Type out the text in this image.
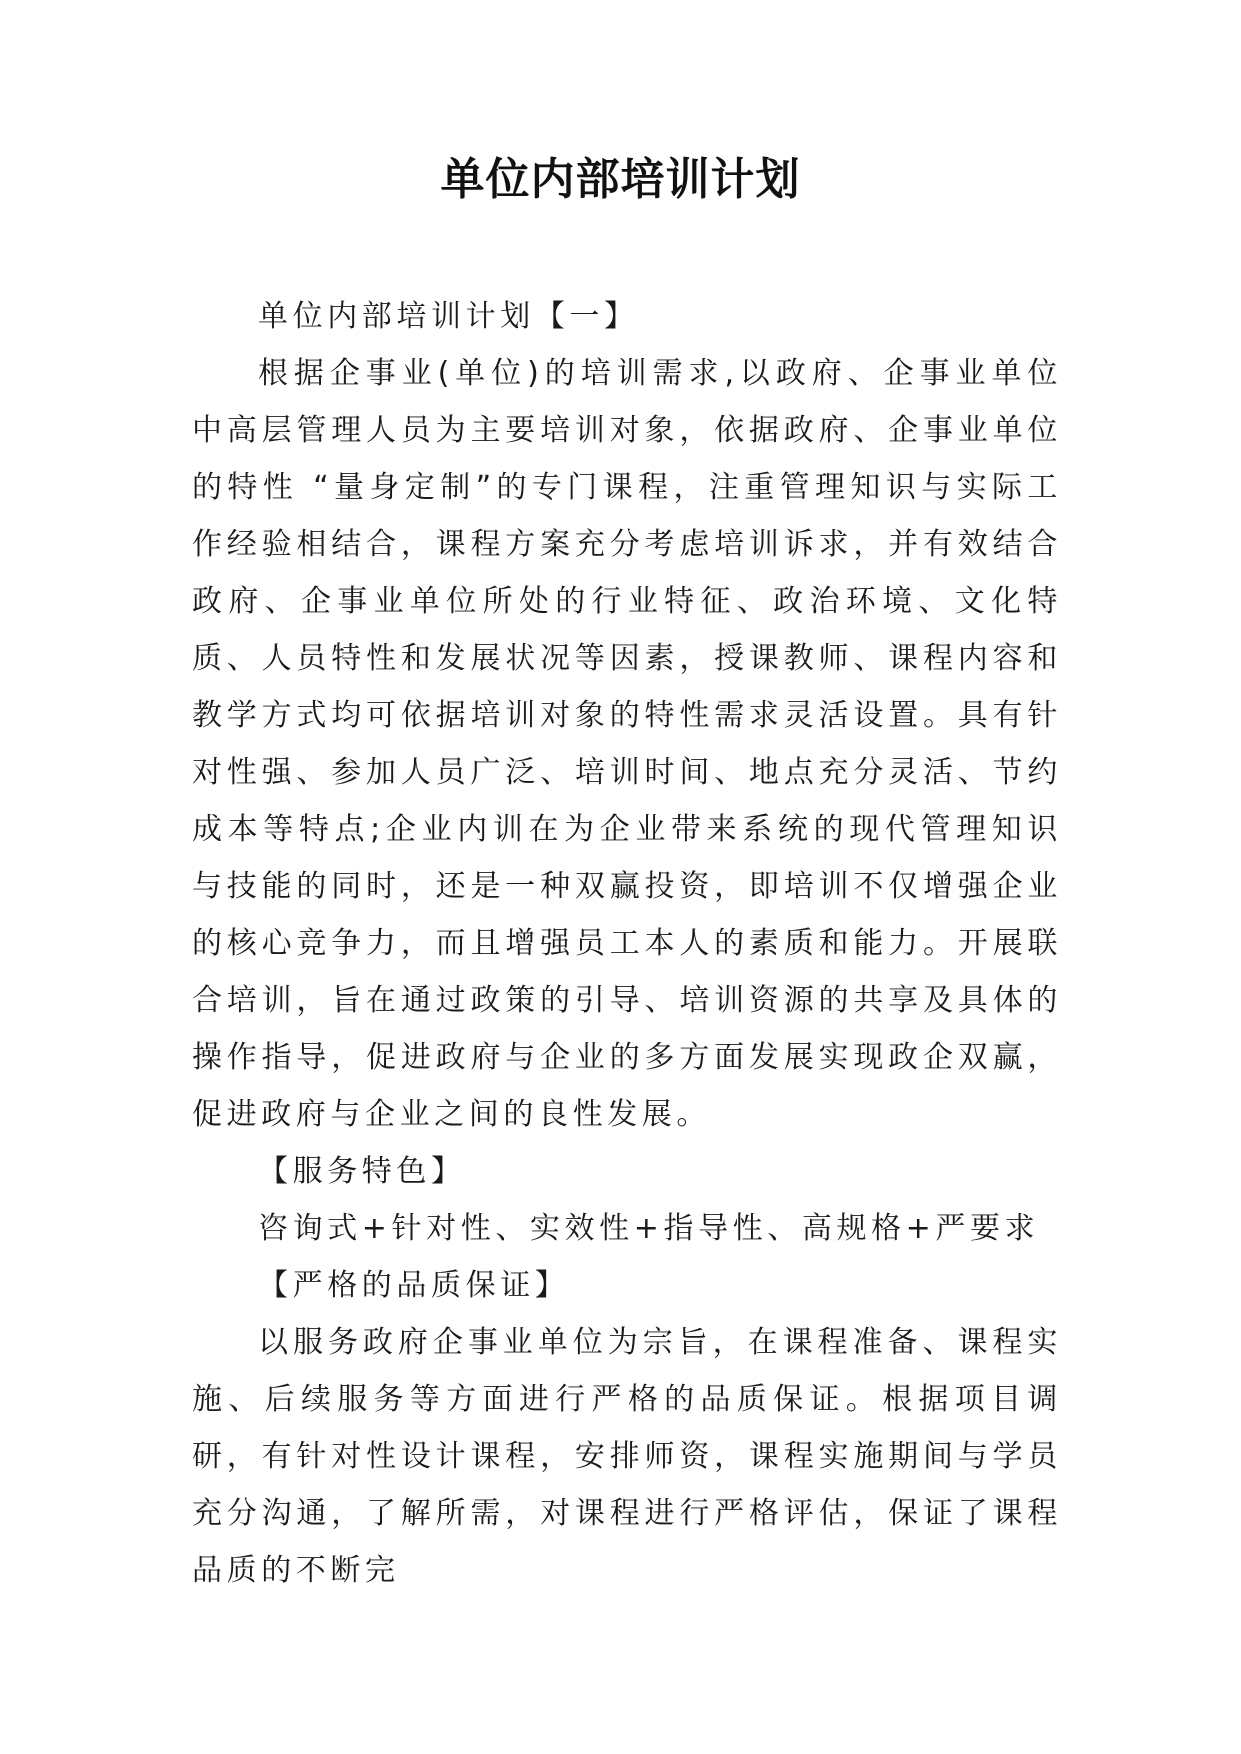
单位内部培训计划

单位内部培训计划【一】

根据企事业(单位)的培训需求,以政府、企事业单位中高层管理人员为主要培训对象，依据政府、企事业单位的特性 “量身定制”的专门课程，注重管理知识与实际工作经验相结合，课程方案充分考虑培训诉求，并有效结合政府、企事业单位所处的行业特征、政治环境、文化特质、人员特性和发展状况等因素，授课教师、课程内容和教学方式均可依据培训对象的特性需求灵活设置。具有针对性强、参加人员广泛、培训时间、地点充分灵活、节约成本等特点;企业内训在为企业带来系统的现代管理知识与技能的同时，还是一种双赢投资，即培训不仅增强企业的核心竞争力，而且增强员工本人的素质和能力。开展联合培训，旨在通过政策的引导、培训资源的共享及具体的操作指导，促进政府与企业的多方面发展实现政企双赢，促进政府与企业之间的良性发展。

【服务特色】

咨询式+针对性、实效性+指导性、高规格+严要求

【严格的品质保证】

以服务政府企事业单位为宗旨，在课程准备、课程实施、后续服务等方面进行严格的品质保证。根据项目调研，有针对性设计课程，安排师资，课程实施期间与学员充分沟通，了解所需，对课程进行严格评估，保证了课程品质的不断完
